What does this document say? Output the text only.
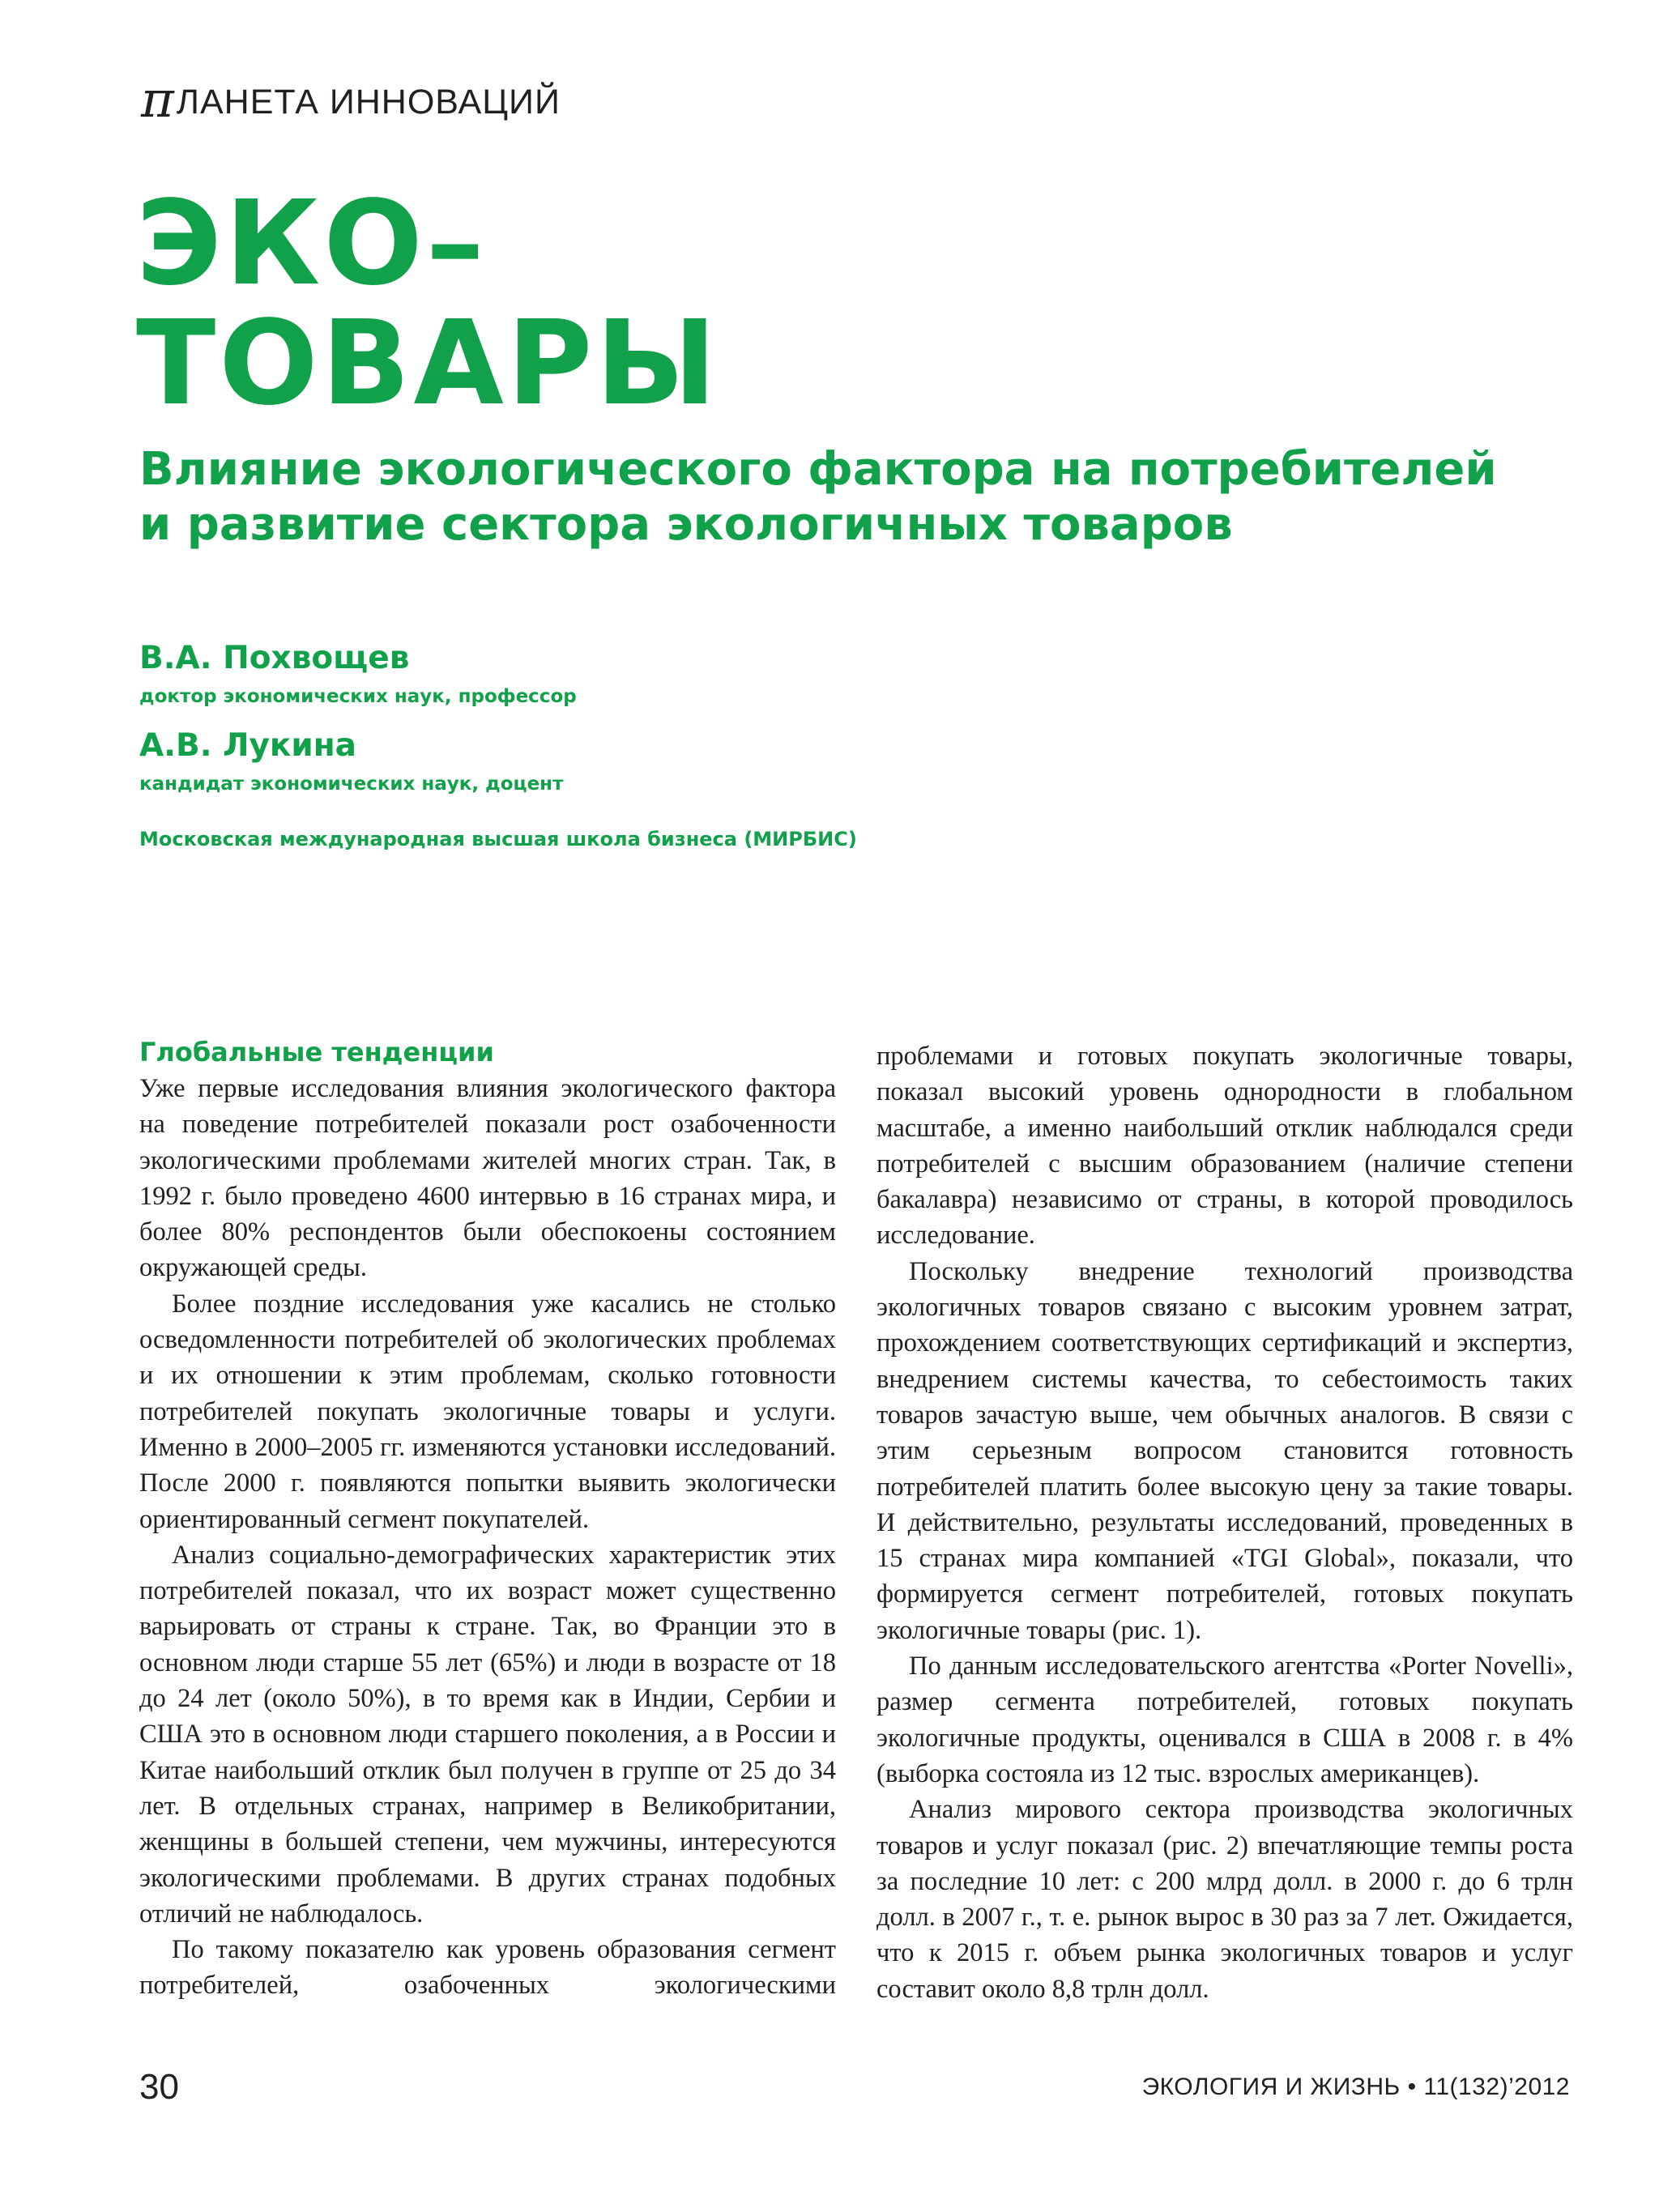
πЛАНЕТА ИННОВАЦИЙ
ЭКО–
ТОВАРЫ
Влияние экологического фактора на потребителей
и развитие сектора экологичных товаров
В.А. Похвощев
доктор экономических наук, профессор
А.В. Лукина
кандидат экономических наук, доцент
Московская международная высшая школа бизнеса (МИРБИС)
Глобальные тенденции

Уже первые исследования влияния экологического фактора на поведение потребителей показали рост озабоченности экологическими проблемами жителей многих стран. Так, в 1992 г. было проведено 4600 интервью в 16 странах мира, и более 80% респондентов были обеспокоены состоянием окружающей среды.

Более поздние исследования уже касались не столько осведомленности потребителей об экологических проблемах и их отношении к этим проблемам, сколько готовности потребителей покупать экологичные товары и услуги. Именно в 2000–2005 гг. изменяются установки исследований. После 2000 г. появляются попытки выявить экологически ориентированный сегмент покупателей.

Анализ социально-демографических характеристик этих потребителей показал, что их возраст может существенно варьировать от страны к стране. Так, во Франции это в основном люди старше 55 лет (65%) и люди в возрасте от 18 до 24 лет (около 50%), в то время как в Индии, Сербии и США это в основном люди старшего поколения, а в России и Китае наибольший отклик был получен в группе от 25 до 34 лет. В отдельных странах, например в Великобритании, женщины в большей степени, чем мужчины, интересуются экологическими проблемами. В других странах подобных отличий не наблюдалось.

По такому показателю как уровень образования сегмент потребителей, озабоченных экологическими

проблемами и готовых покупать экологичные товары, показал высокий уровень однородности в глобальном масштабе, а именно наибольший отклик наблюдался среди потребителей с высшим образованием (наличие степени бакалавра) независимо от страны, в которой проводилось исследование.

Поскольку внедрение технологий производства экологичных товаров связано с высоким уровнем затрат, прохождением соответствующих сертификаций и экспертиз, внедрением системы качества, то себестоимость таких товаров зачастую выше, чем обычных аналогов. В связи с этим серьезным вопросом становится готовность потребителей платить более высокую цену за такие товары. И действительно, результаты исследований, проведенных в 15 странах мира компанией «TGI Global», показали, что формируется сегмент потребителей, готовых покупать экологичные товары (рис. 1).

По данным исследовательского агентства «Porter Novelli», размер сегмента потребителей, готовых покупать экологичные продукты, оценивался в США в 2008 г. в 4% (выборка состояла из 12 тыс. взрослых американцев).

Анализ мирового сектора производства экологичных товаров и услуг показал (рис. 2) впечатляющие темпы роста за последние 10 лет: с 200 млрд долл. в 2000 г. до 6 трлн долл. в 2007 г., т. е. рынок вырос в 30 раз за 7 лет. Ожидается, что к 2015 г. объем рынка экологичных товаров и услуг составит около 8,8 трлн долл.

30	ЭКОЛОГИЯ И ЖИЗНЬ • 11(132)’2012
